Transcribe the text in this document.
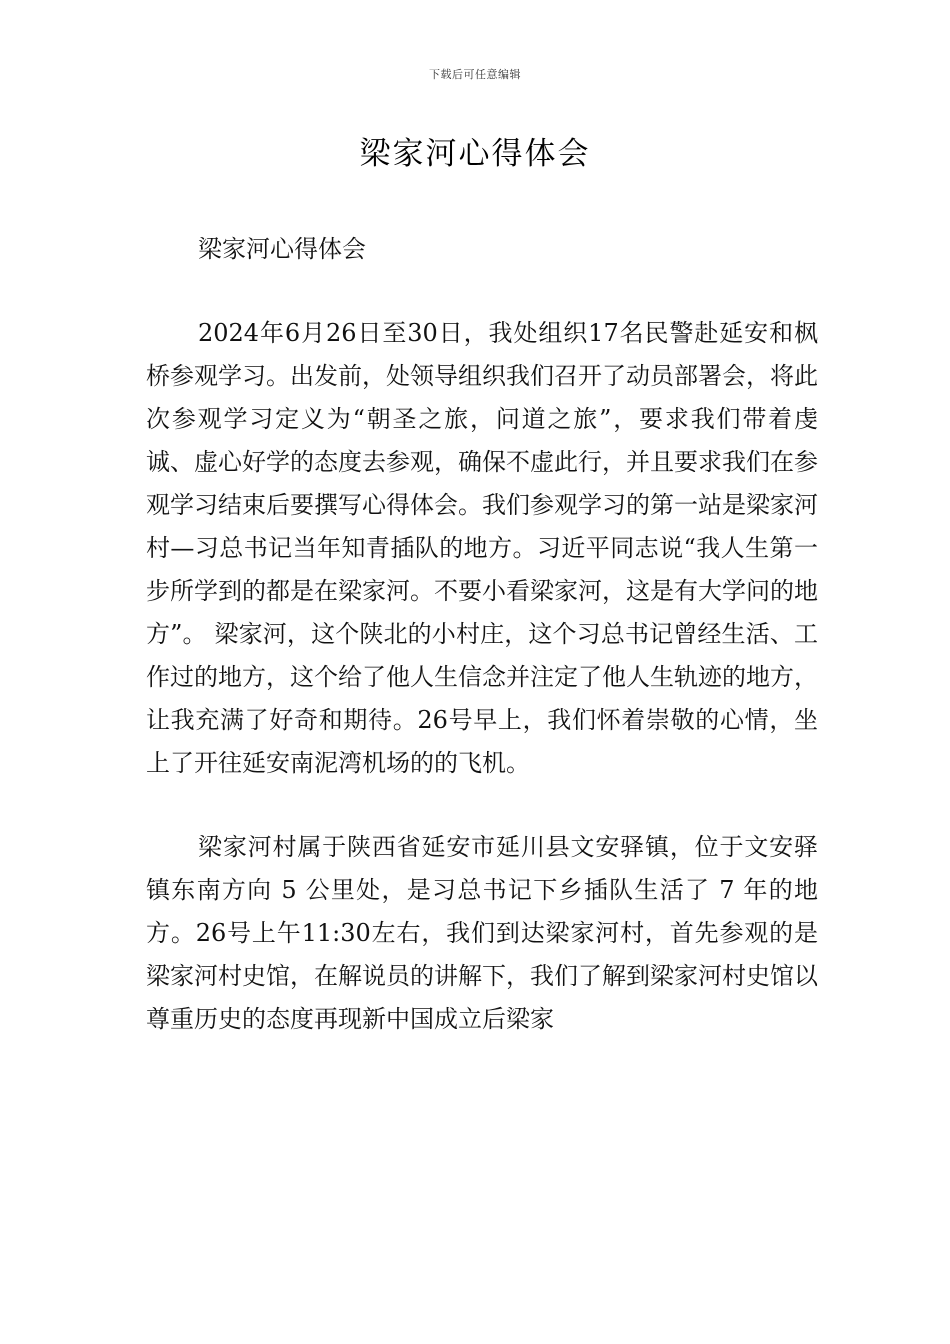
下载后可任意编辑
梁家河心得体会

梁家河心得体会

2024年6月26日至30日，我处组织17名民警赴延安和枫桥参观学习。出发前，处领导组织我们召开了动员部署会，将此次参观学习定义为“朝圣之旅，问道之旅”，要求我们带着虔诚、虚心好学的态度去参观，确保不虚此行，并且要求我们在参观学习结束后要撰写心得体会。我们参观学习的第一站是梁家河村—习总书记当年知青插队的地方。习近平同志说“我人生第一步所学到的都是在梁家河。不要小看梁家河，这是有大学问的地方”。 梁家河，这个陕北的小村庄，这个习总书记曾经生活、工作过的地方，这个给了他人生信念并注定了他人生轨迹的地方，让我充满了好奇和期待。26号早上，我们怀着崇敬的心情，坐上了开往延安南泥湾机场的的飞机。

梁家河村属于陕西省延安市延川县文安驿镇，位于文安驿镇东南方向 5 公里处，是习总书记下乡插队生活了 7 年的地方。26号上午11:30左右，我们到达梁家河村，首先参观的是梁家河村史馆，在解说员的讲解下，我们了解到梁家河村史馆以尊重历史的态度再现新中国成立后梁家
